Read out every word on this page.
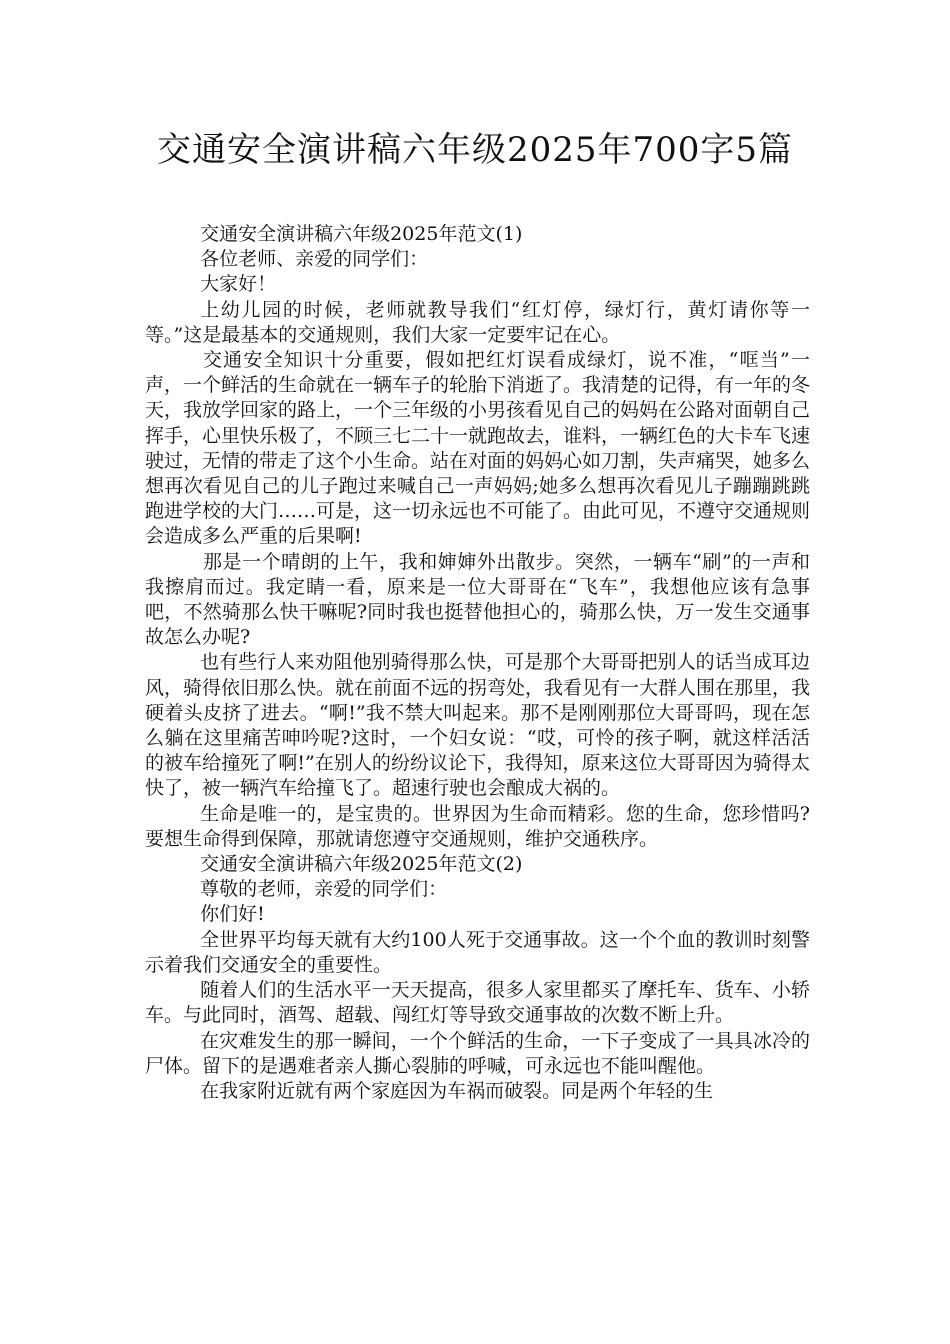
交通安全演讲稿六年级2025年700字5篇

交通安全演讲稿六年级2025年范文(1)

各位老师、亲爱的同学们：

大家好！

上幼儿园的时候，老师就教导我们“红灯停，绿灯行，黄灯请你等一等。”这是最基本的交通规则，我们大家一定要牢记在心。

交通安全知识十分重要，假如把红灯误看成绿灯，说不准，“哐当”一声，一个鲜活的生命就在一辆车子的轮胎下消逝了。我清楚的记得，有一年的冬天，我放学回家的路上，一个三年级的小男孩看见自己的妈妈在公路对面朝自己挥手，心里快乐极了，不顾三七二十一就跑故去，谁料，一辆红色的大卡车飞速驶过，无情的带走了这个小生命。站在对面的妈妈心如刀割，失声痛哭，她多么想再次看见自己的儿子跑过来喊自己一声妈妈;她多么想再次看见儿子蹦蹦跳跳跑进学校的大门……可是，这一切永远也不可能了。由此可见，不遵守交通规则会造成多么严重的后果啊!

那是一个晴朗的上午，我和婶婶外出散步。突然，一辆车“刷”的一声和我擦肩而过。我定睛一看，原来是一位大哥哥在“飞车”，我想他应该有急事吧，不然骑那么快干嘛呢?同时我也挺替他担心的，骑那么快，万一发生交通事故怎么办呢?

也有些行人来劝阻他别骑得那么快，可是那个大哥哥把别人的话当成耳边风，骑得依旧那么快。就在前面不远的拐弯处，我看见有一大群人围在那里，我硬着头皮挤了进去。“啊!”我不禁大叫起来。那不是刚刚那位大哥哥吗，现在怎么躺在这里痛苦呻吟呢?这时，一个妇女说：“哎，可怜的孩子啊，就这样活活的被车给撞死了啊!”在别人的纷纷议论下，我得知，原来这位大哥哥因为骑得太快了，被一辆汽车给撞飞了。超速行驶也会酿成大祸的。

生命是唯一的，是宝贵的。世界因为生命而精彩。您的生命，您珍惜吗?要想生命得到保障，那就请您遵守交通规则，维护交通秩序。

交通安全演讲稿六年级2025年范文(2)

尊敬的老师，亲爱的同学们：

你们好!

全世界平均每天就有大约100人死于交通事故。这一个个血的教训时刻警示着我们交通安全的重要性。

随着人们的生活水平一天天提高，很多人家里都买了摩托车、货车、小轿车。与此同时，酒驾、超载、闯红灯等导致交通事故的次数不断上升。

在灾难发生的那一瞬间，一个个鲜活的生命，一下子变成了一具具冰冷的尸体。留下的是遇难者亲人撕心裂肺的呼喊，可永远也不能叫醒他。

在我家附近就有两个家庭因为车祸而破裂。同是两个年轻的生
